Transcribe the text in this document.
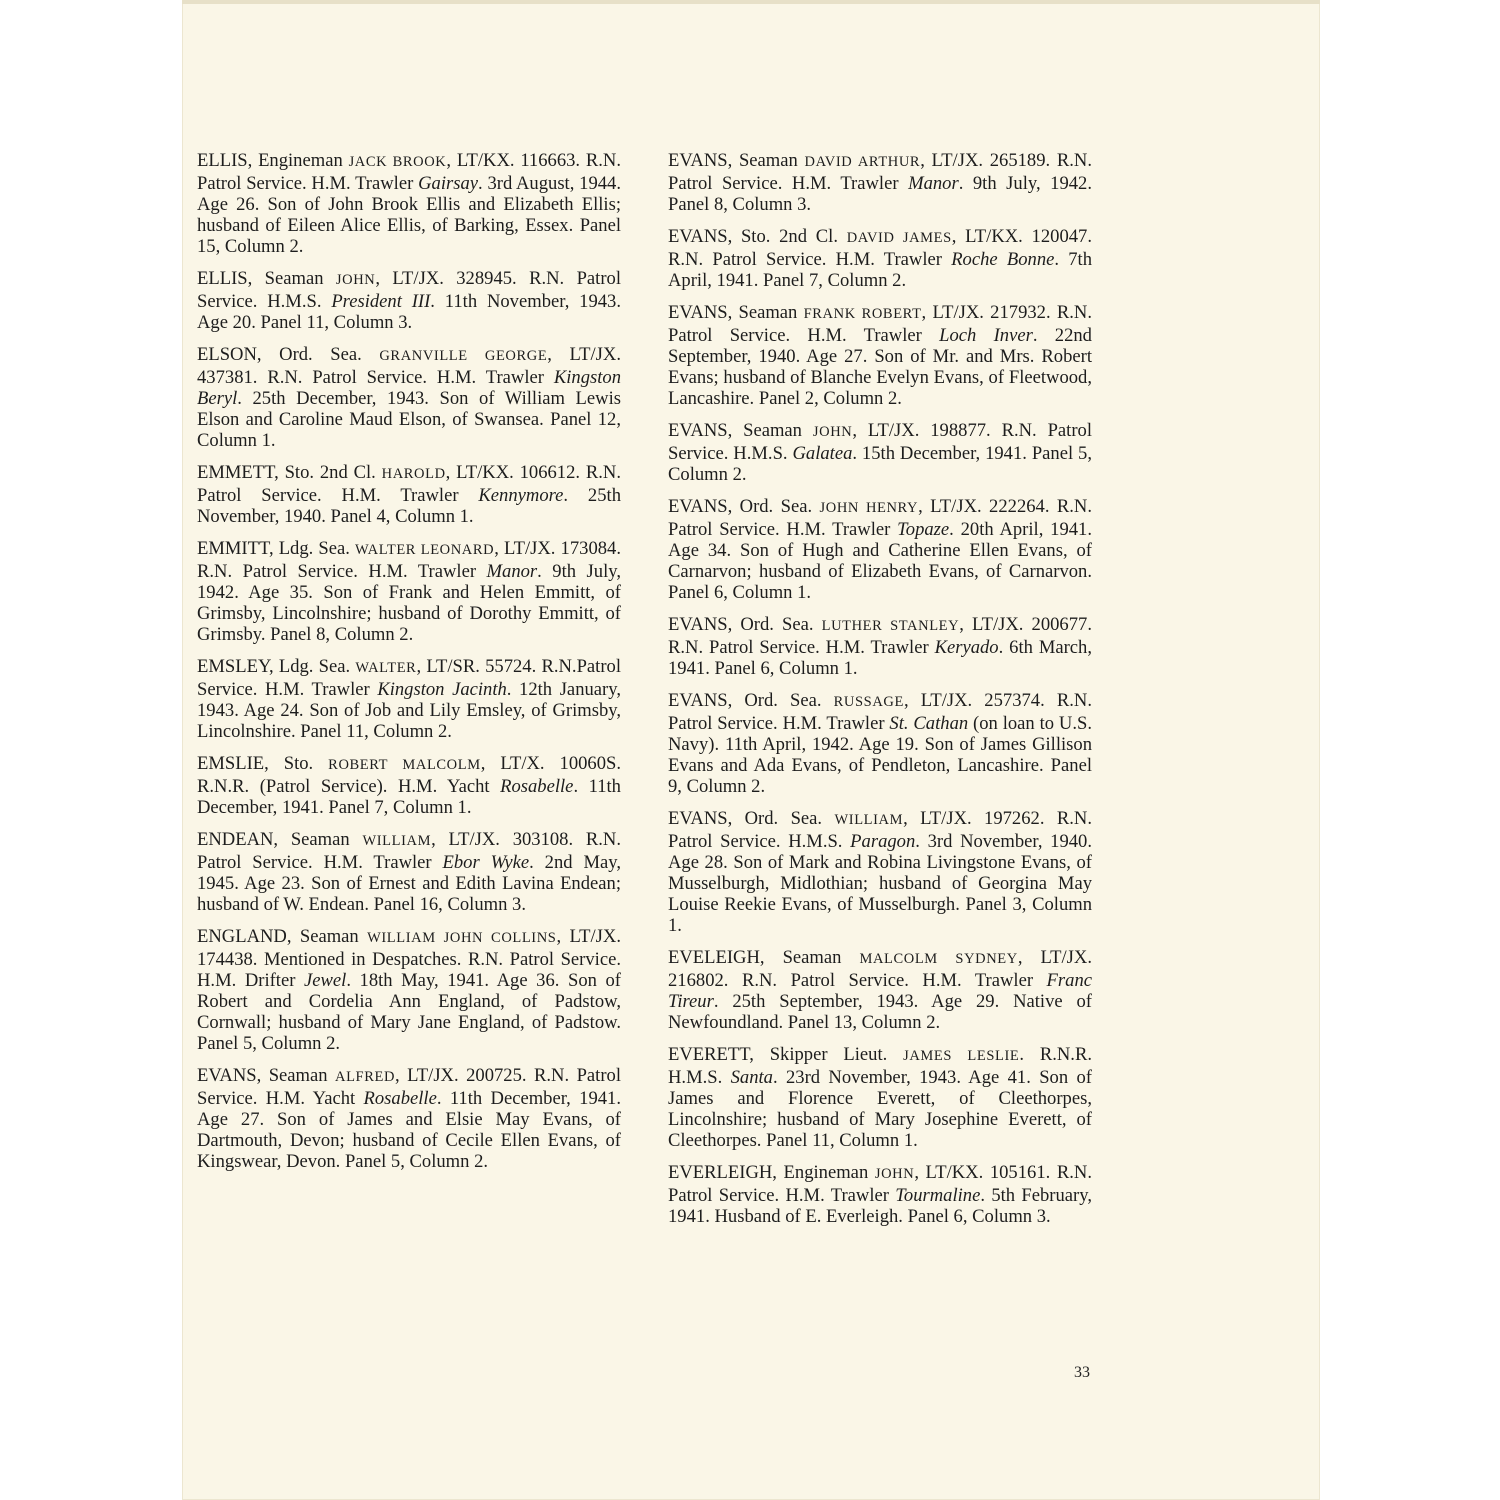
ELLIS, Engineman JACK BROOK, LT/KX. 116663. R.N. Patrol Service. H.M. Trawler Gairsay. 3rd August, 1944. Age 26. Son of John Brook Ellis and Elizabeth Ellis; husband of Eileen Alice Ellis, of Barking, Essex. Panel 15, Column 2.

ELLIS, Seaman JOHN, LT/JX. 328945. R.N. Patrol Service. H.M.S. President III. 11th November, 1943. Age 20. Panel 11, Column 3.

ELSON, Ord. Sea. GRANVILLE GEORGE, LT/JX. 437381. R.N. Patrol Service. H.M. Trawler Kingston Beryl. 25th December, 1943. Son of William Lewis Elson and Caroline Maud Elson, of Swansea. Panel 12, Column 1.

EMMETT, Sto. 2nd Cl. HAROLD, LT/KX. 106612. R.N. Patrol Service. H.M. Trawler Kennymore. 25th November, 1940. Panel 4, Column 1.

EMMITT, Ldg. Sea. WALTER LEONARD, LT/JX. 173084. R.N. Patrol Service. H.M. Trawler Manor. 9th July, 1942. Age 35. Son of Frank and Helen Emmitt, of Grimsby, Lincolnshire; husband of Dorothy Emmitt, of Grimsby. Panel 8, Column 2.

EMSLEY, Ldg. Sea. WALTER, LT/SR. 55724. R.N.Patrol Service. H.M. Trawler Kingston Jacinth. 12th January, 1943. Age 24. Son of Job and Lily Emsley, of Grimsby, Lincolnshire. Panel 11, Column 2.

EMSLIE, Sto. ROBERT MALCOLM, LT/X. 10060S. R.N.R. (Patrol Service). H.M. Yacht Rosabelle. 11th December, 1941. Panel 7, Column 1.

ENDEAN, Seaman WILLIAM, LT/JX. 303108. R.N. Patrol Service. H.M. Trawler Ebor Wyke. 2nd May, 1945. Age 23. Son of Ernest and Edith Lavina Endean; husband of W. Endean. Panel 16, Column 3.

ENGLAND, Seaman WILLIAM JOHN COLLINS, LT/JX. 174438. Mentioned in Despatches. R.N. Patrol Service. H.M. Drifter Jewel. 18th May, 1941. Age 36. Son of Robert and Cordelia Ann England, of Padstow, Cornwall; husband of Mary Jane England, of Padstow. Panel 5, Column 2.

EVANS, Seaman ALFRED, LT/JX. 200725. R.N. Patrol Service. H.M. Yacht Rosabelle. 11th December, 1941. Age 27. Son of James and Elsie May Evans, of Dartmouth, Devon; husband of Cecile Ellen Evans, of Kingswear, Devon. Panel 5, Column 2.

EVANS, Seaman DAVID ARTHUR, LT/JX. 265189. R.N. Patrol Service. H.M. Trawler Manor. 9th July, 1942. Panel 8, Column 3.

EVANS, Sto. 2nd Cl. DAVID JAMES, LT/KX. 120047. R.N. Patrol Service. H.M. Trawler Roche Bonne. 7th April, 1941. Panel 7, Column 2.

EVANS, Seaman FRANK ROBERT, LT/JX. 217932. R.N. Patrol Service. H.M. Trawler Loch Inver. 22nd September, 1940. Age 27. Son of Mr. and Mrs. Robert Evans; husband of Blanche Evelyn Evans, of Fleetwood, Lancashire. Panel 2, Column 2.

EVANS, Seaman JOHN, LT/JX. 198877. R.N. Patrol Service. H.M.S. Galatea. 15th December, 1941. Panel 5, Column 2.

EVANS, Ord. Sea. JOHN HENRY, LT/JX. 222264. R.N. Patrol Service. H.M. Trawler Topaze. 20th April, 1941. Age 34. Son of Hugh and Catherine Ellen Evans, of Carnarvon; husband of Elizabeth Evans, of Carnarvon. Panel 6, Column 1.

EVANS, Ord. Sea. LUTHER STANLEY, LT/JX. 200677. R.N. Patrol Service. H.M. Trawler Keryado. 6th March, 1941. Panel 6, Column 1.

EVANS, Ord. Sea. RUSSAGE, LT/JX. 257374. R.N. Patrol Service. H.M. Trawler St. Cathan (on loan to U.S. Navy). 11th April, 1942. Age 19. Son of James Gillison Evans and Ada Evans, of Pendleton, Lancashire. Panel 9, Column 2.

EVANS, Ord. Sea. WILLIAM, LT/JX. 197262. R.N. Patrol Service. H.M.S. Paragon. 3rd November, 1940. Age 28. Son of Mark and Robina Livingstone Evans, of Musselburgh, Midlothian; husband of Georgina May Louise Reekie Evans, of Musselburgh. Panel 3, Column 1.

EVELEIGH, Seaman MALCOLM SYDNEY, LT/JX. 216802. R.N. Patrol Service. H.M. Trawler Franc Tireur. 25th September, 1943. Age 29. Native of Newfoundland. Panel 13, Column 2.

EVERETT, Skipper Lieut. JAMES LESLIE. R.N.R. H.M.S. Santa. 23rd November, 1943. Age 41. Son of James and Florence Everett, of Cleethorpes, Lincolnshire; husband of Mary Josephine Everett, of Cleethorpes. Panel 11, Column 1.

EVERLEIGH, Engineman JOHN, LT/KX. 105161. R.N. Patrol Service. H.M. Trawler Tourmaline. 5th February, 1941. Husband of E. Everleigh. Panel 6, Column 3.

33
